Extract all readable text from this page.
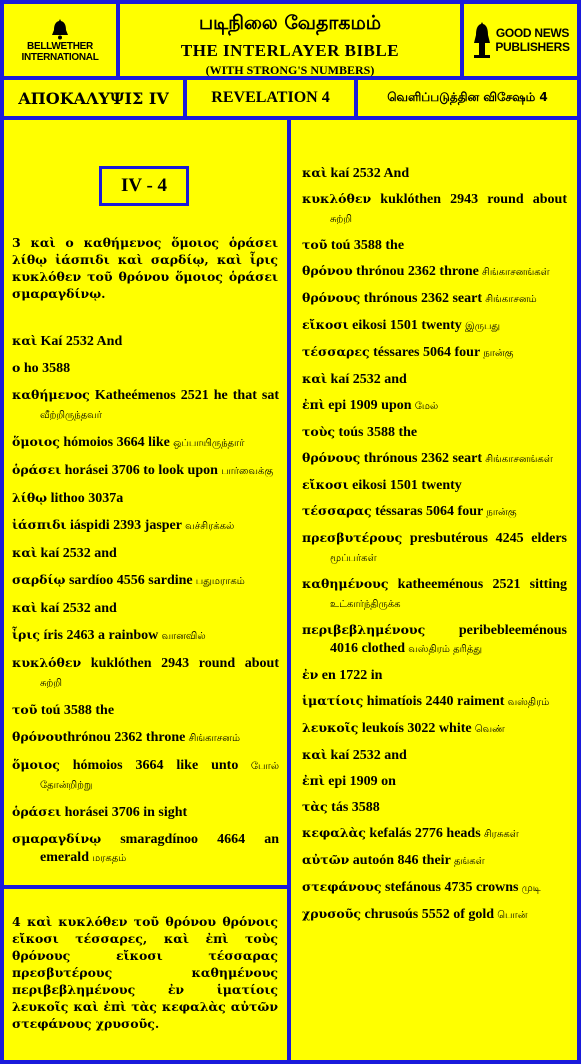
BELLWETHER
INTERNATIONAL
படிநிலை வேதாகமம்
THE INTERLAYER BIBLE
(WITH STRONG'S NUMBERS)
GOOD NEWS
PUBLISHERS
ΑΠΟΚΑΛΥΨΙΣ IV	REVELATION 4	வெளிப்படுத்தின விசேஷம் 4
IV - 4
3 καὶ ο καθήμενος ὅμοιος ὁράσει λίθῳ ἰάσπιδι καὶ σαρδίῳ, καὶ ἶρις κυκλόθεν τοῦ θρόνου ὅμοιος ὁράσει σμαραγδίνῳ.

καὶ Kaí 2532 And

ο ho 3588

καθήμενος Katheémenos 2521 he that sat வீற்றிருந்தவர்

ὅμοιος hómoios 3664 like ஒப்பாயிருந்தார்

ὁράσει horásei 3706 to look upon பார்வைக்கு

λίθῳ lithoo 3037a

ἰάσπιδι iáspidi 2393 jasper வச்சிரக்கல்

καὶ kaí 2532 and

σαρδίῳ sardíoo 4556 sardine பதுமராகம்

καὶ kaí 2532 and

ἶρις íris 2463 a rainbow வானவில்

κυκλόθεν kuklóthen 2943 round about சுற்றி

τοῦ toú 3588 the

θρόνουthrónou 2362 throne சிங்காசனம்

ὅμοιος hómoios 3664 like unto போல் தோன்றிற்று

ὁράσει horásei 3706 in sight

σμαραγδίνῳ smaragdínoo 4664 an emerald மரகதம்

4 καὶ κυκλόθεν τοῦ θρόνου θρόνοις εἴκοσι τέσσαρες, καὶ ἐπὶ τοὺς θρόνους εἴκοσι τέσσαρας πρεσβυτέρους καθημένους περιβεβλημένους ἐν ἱματίοις λευκοῖς καὶ ἐπὶ τὰς κεφαλὰς αὐτῶν στεφάνους χρυσοῦς.

καὶ kaí 2532 And

κυκλόθεν kuklóthen 2943 round about சுற்றி

τοῦ toú 3588 the

θρόνου thrónou 2362 throne சிங்காசனங்கள்

θρόνους thrónous 2362 seart சிங்காசனம்

εἴκοσι eikosi 1501 twenty இருபது

τέσσαρες téssares 5064 four நான்கு

καὶ kaí 2532 and

ἐπὶ epi 1909 upon மேல்

τοὺς toús 3588 the

θρόνους thrónous 2362 seart சிங்காசனங்கள்

εἴκοσι eikosi 1501 twenty

τέσσαρας téssaras 5064 four நான்கு

πρεσβυτέρους presbutérous 4245 elders மூப்பர்கள்

καθημένους katheeménous 2521 sitting உட்கார்ந்திருக்க

περιβεβλημένους peribebleeménous 4016 clothed வஸ்திரம் தரித்து

ἐν en 1722 in

ἱματίοις himatíois 2440 raiment வஸ்திரம்

λευκοῖς leukoís 3022 white வெண்

καὶ kaí 2532 and

ἐπὶ epi 1909 on

τὰς tás 3588

κεφαλὰς kefalás 2776 heads சிரசுகள்

αὐτῶν autoón 846 their தங்கள்

στεφάνους stefánous 4735 crowns முடி

χρυσοῦς chrusoús 5552 of gold பொன்
